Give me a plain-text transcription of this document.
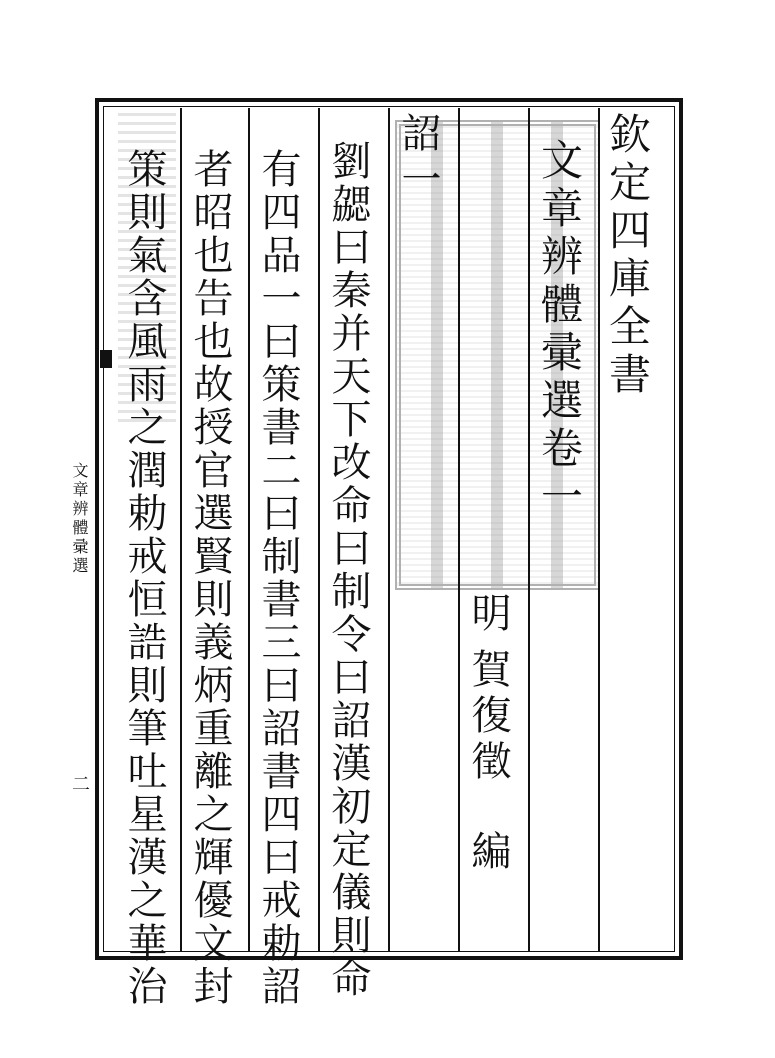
欽定四庫全書
文章辨體彚選卷一
詔一
明
賀復徵
編
劉勰曰秦并天下改命曰制令曰詔漢初定儀則命
有四品一曰策書二曰制書三曰詔書四曰戒勅詔
者昭也告也故授官選賢則義炳重離之輝優文封
策則氣含風雨之潤勅戒恒誥則筆吐星漢之華治
文章辨體彚選
二
